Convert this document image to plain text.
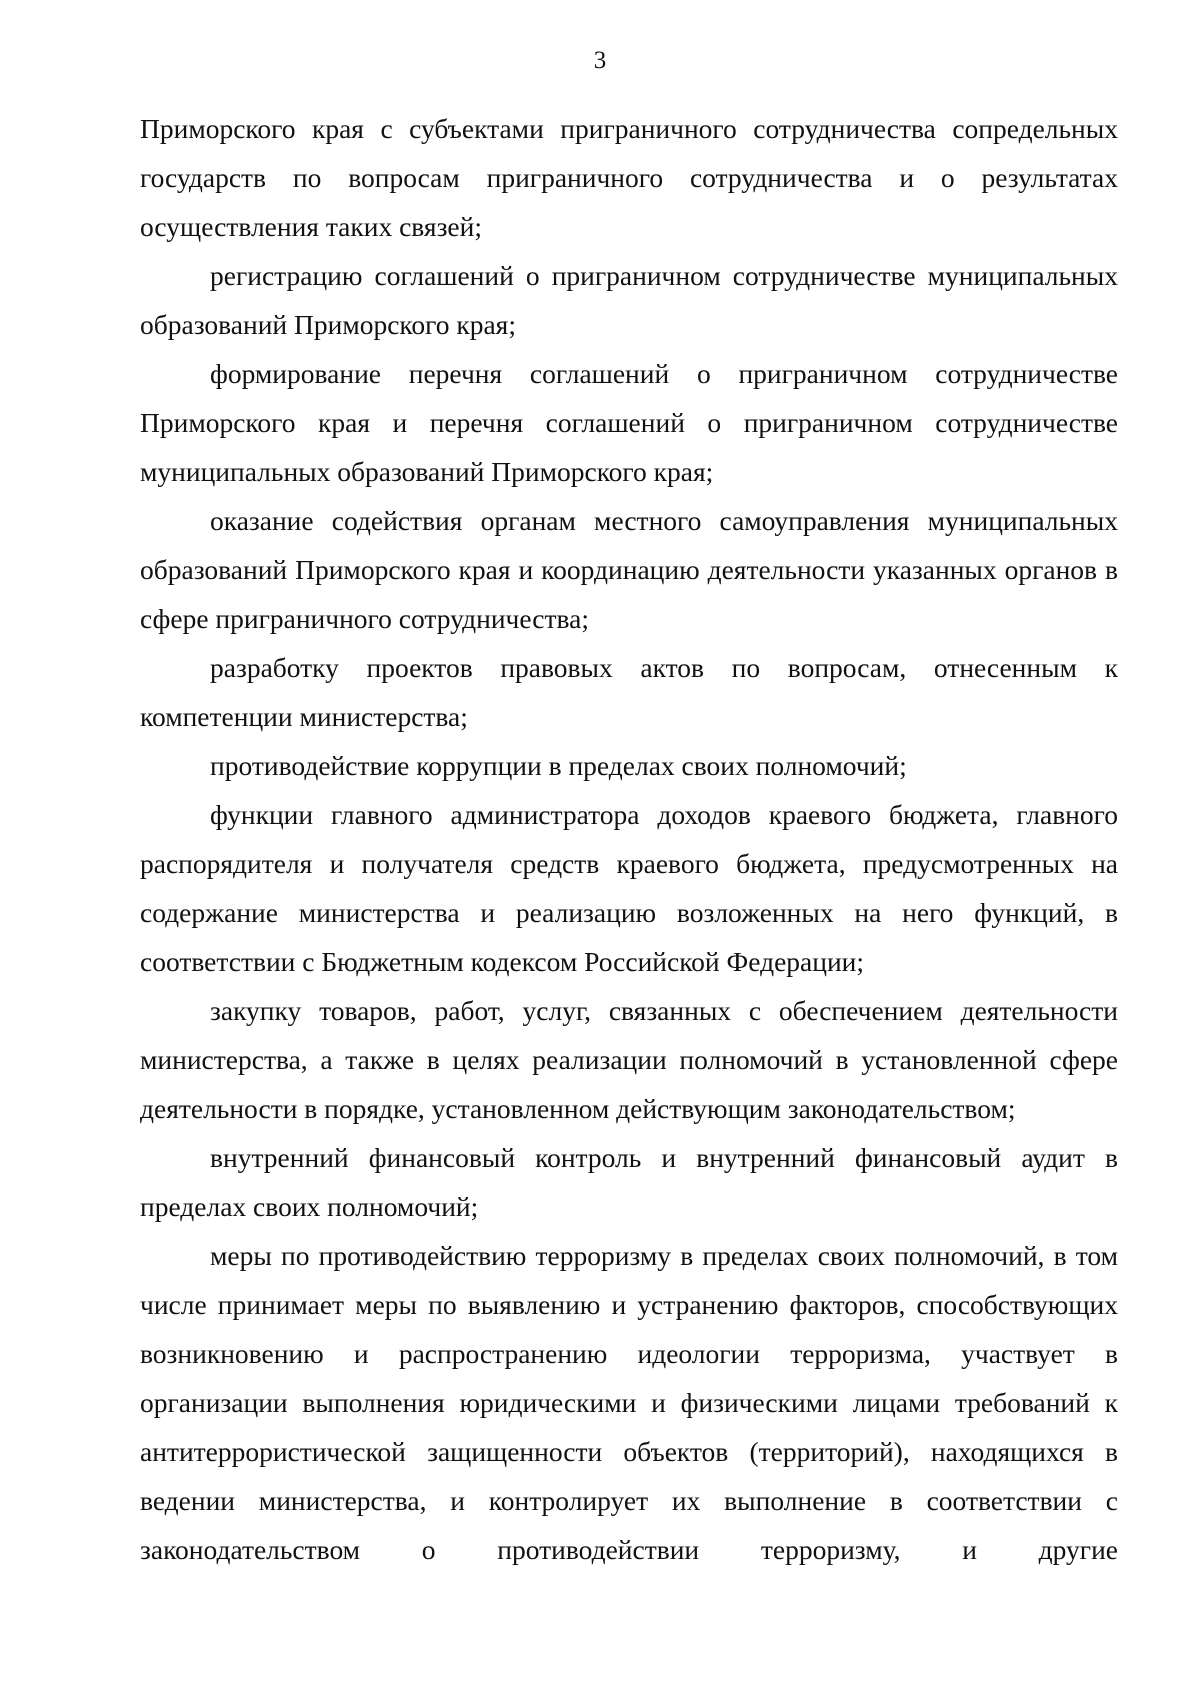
3

Приморского края с субъектами приграничного сотрудничества сопредельных государств по вопросам приграничного сотрудничества и о результатах осуществления таких связей;

регистрацию соглашений о приграничном сотрудничестве муниципальных образований Приморского края;

формирование перечня соглашений о приграничном сотрудничестве Приморского края и перечня соглашений о приграничном сотрудничестве муниципальных образований Приморского края;

оказание содействия органам местного самоуправления муниципальных образований Приморского края и координацию деятельности указанных органов в сфере приграничного сотрудничества;

разработку проектов правовых актов по вопросам, отнесенным к компетенции министерства;

противодействие коррупции в пределах своих полномочий;

функции главного администратора доходов краевого бюджета, главного распорядителя и получателя средств краевого бюджета, предусмотренных на содержание министерства и реализацию возложенных на него функций, в соответствии с Бюджетным кодексом Российской Федерации;

закупку товаров, работ, услуг, связанных с обеспечением деятельности министерства, а также в целях реализации полномочий в установленной сфере деятельности в порядке, установленном действующим законодательством;

внутренний финансовый контроль и внутренний финансовый аудит в пределах своих полномочий;

меры по противодействию терроризму в пределах своих полномочий, в том числе принимает меры по выявлению и устранению факторов, способствующих возникновению и распространению идеологии терроризма, участвует в организации выполнения юридическими и физическими лицами требований к антитеррористической защищенности объектов (территорий), находящихся в ведении министерства, и контролирует их выполнение в соответствии с законодательством о противодействии терроризму, и другие
